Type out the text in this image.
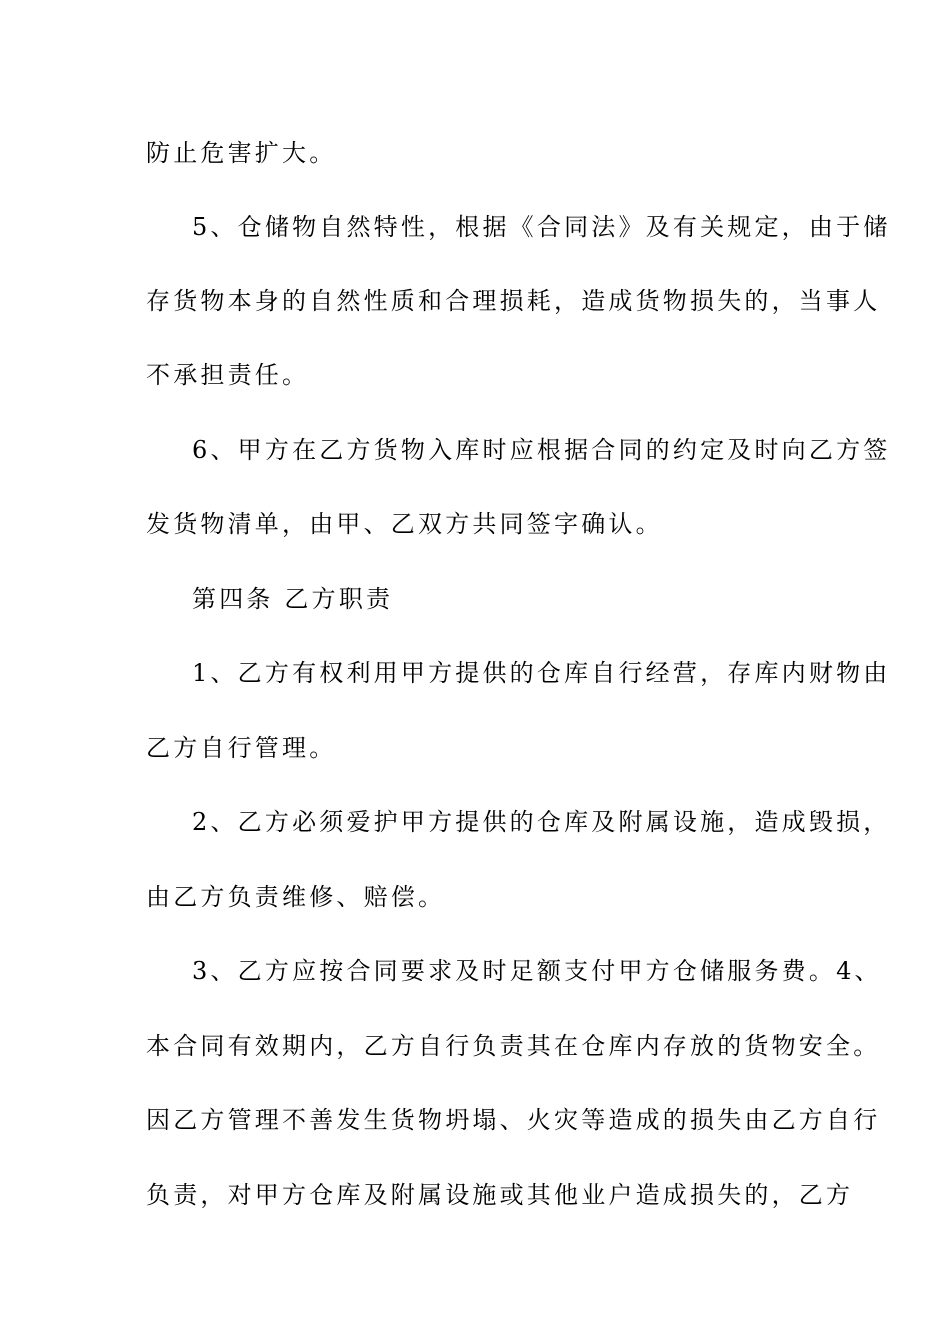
防止危害扩大。
5、仓储物自然特性，根据《合同法》及有关规定，由于储
存货物本身的自然性质和合理损耗，造成货物损失的，当事人
不承担责任。
6、甲方在乙方货物入库时应根据合同的约定及时向乙方签
发货物清单，由甲、乙双方共同签字确认。
第四条 乙方职责
1、乙方有权利用甲方提供的仓库自行经营，存库内财物由
乙方自行管理。
2、乙方必须爱护甲方提供的仓库及附属设施，造成毁损，
由乙方负责维修、赔偿。
3、乙方应按合同要求及时足额支付甲方仓储服务费。4、
本合同有效期内，乙方自行负责其在仓库内存放的货物安全。
因乙方管理不善发生货物坍塌、火灾等造成的损失由乙方自行
负责，对甲方仓库及附属设施或其他业户造成损失的，乙方
